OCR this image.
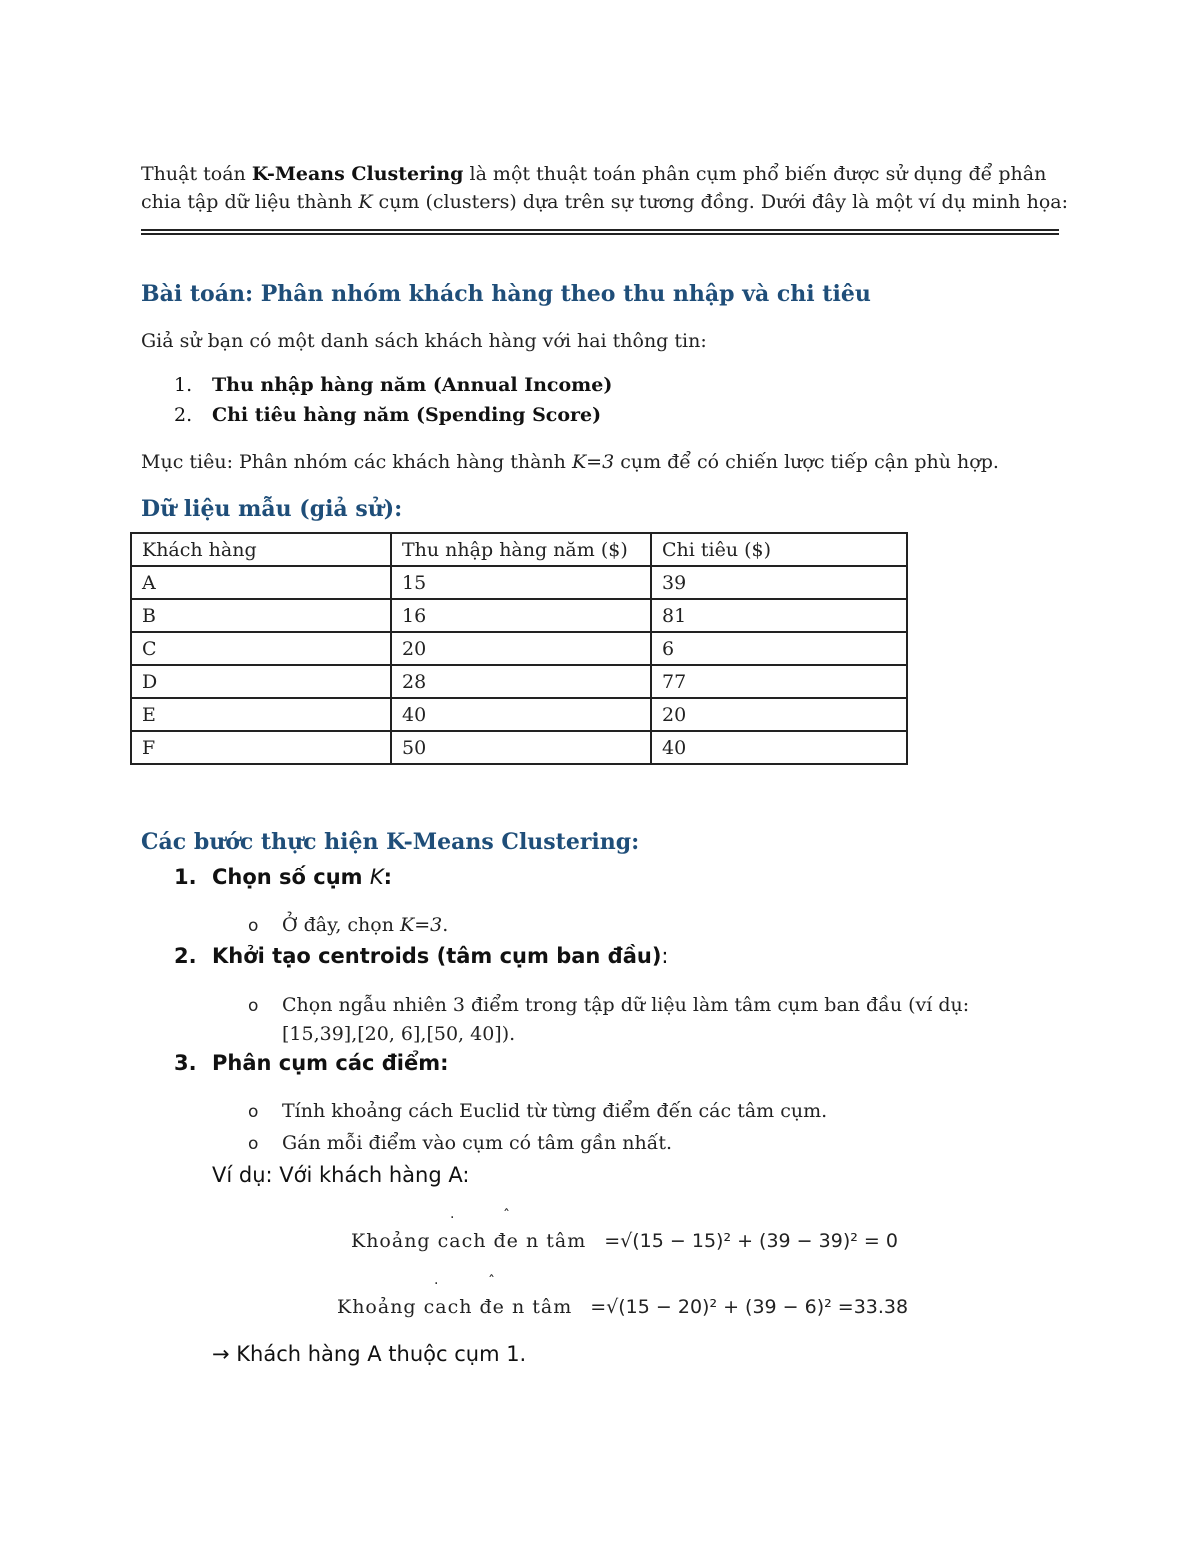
Thuật toán K-Means Clustering là một thuật toán phân cụm phổ biến được sử dụng để phân chia tập dữ liệu thành K cụm (clusters) dựa trên sự tương đồng. Dưới đây là một ví dụ minh họa:
Bài toán: Phân nhóm khách hàng theo thu nhập và chi tiêu
Giả sử bạn có một danh sách khách hàng với hai thông tin:
1. Thu nhập hàng năm (Annual Income)
2. Chi tiêu hàng năm (Spending Score)
Mục tiêu: Phân nhóm các khách hàng thành K=3 cụm để có chiến lược tiếp cận phù hợp.
Dữ liệu mẫu (giả sử):
Khách hàng	Thu nhập hàng năm ($)	Chi tiêu ($)
A	15	39
B	16	81
C	20	6
D	28	77
E	40	20
F	50	40
Các bước thực hiện K-Means Clustering:
1. Chọn số cụm K:
o Ở đây, chọn K=3.
2. Khởi tạo centroids (tâm cụm ban đầu):
o Chọn ngẫu nhiên 3 điểm trong tập dữ liệu làm tâm cụm ban đầu (ví dụ:
[15,39],[20, 6],[50, 40]).
3. Phân cụm các điểm:
o Tính khoảng cách Euclid từ từng điểm đến các tâm cụm.
o Gán mỗi điểm vào cụm có tâm gần nhất.
Ví dụ: Với khách hàng A:
·	ˆ
Khoảng cach đe n tâm =√(15 − 15)² + (39 − 39)² = 0
·	ˆ
Khoảng cach đe n tâm =√(15 − 20)² + (39 − 6)² =33.38
→ Khách hàng A thuộc cụm 1.
